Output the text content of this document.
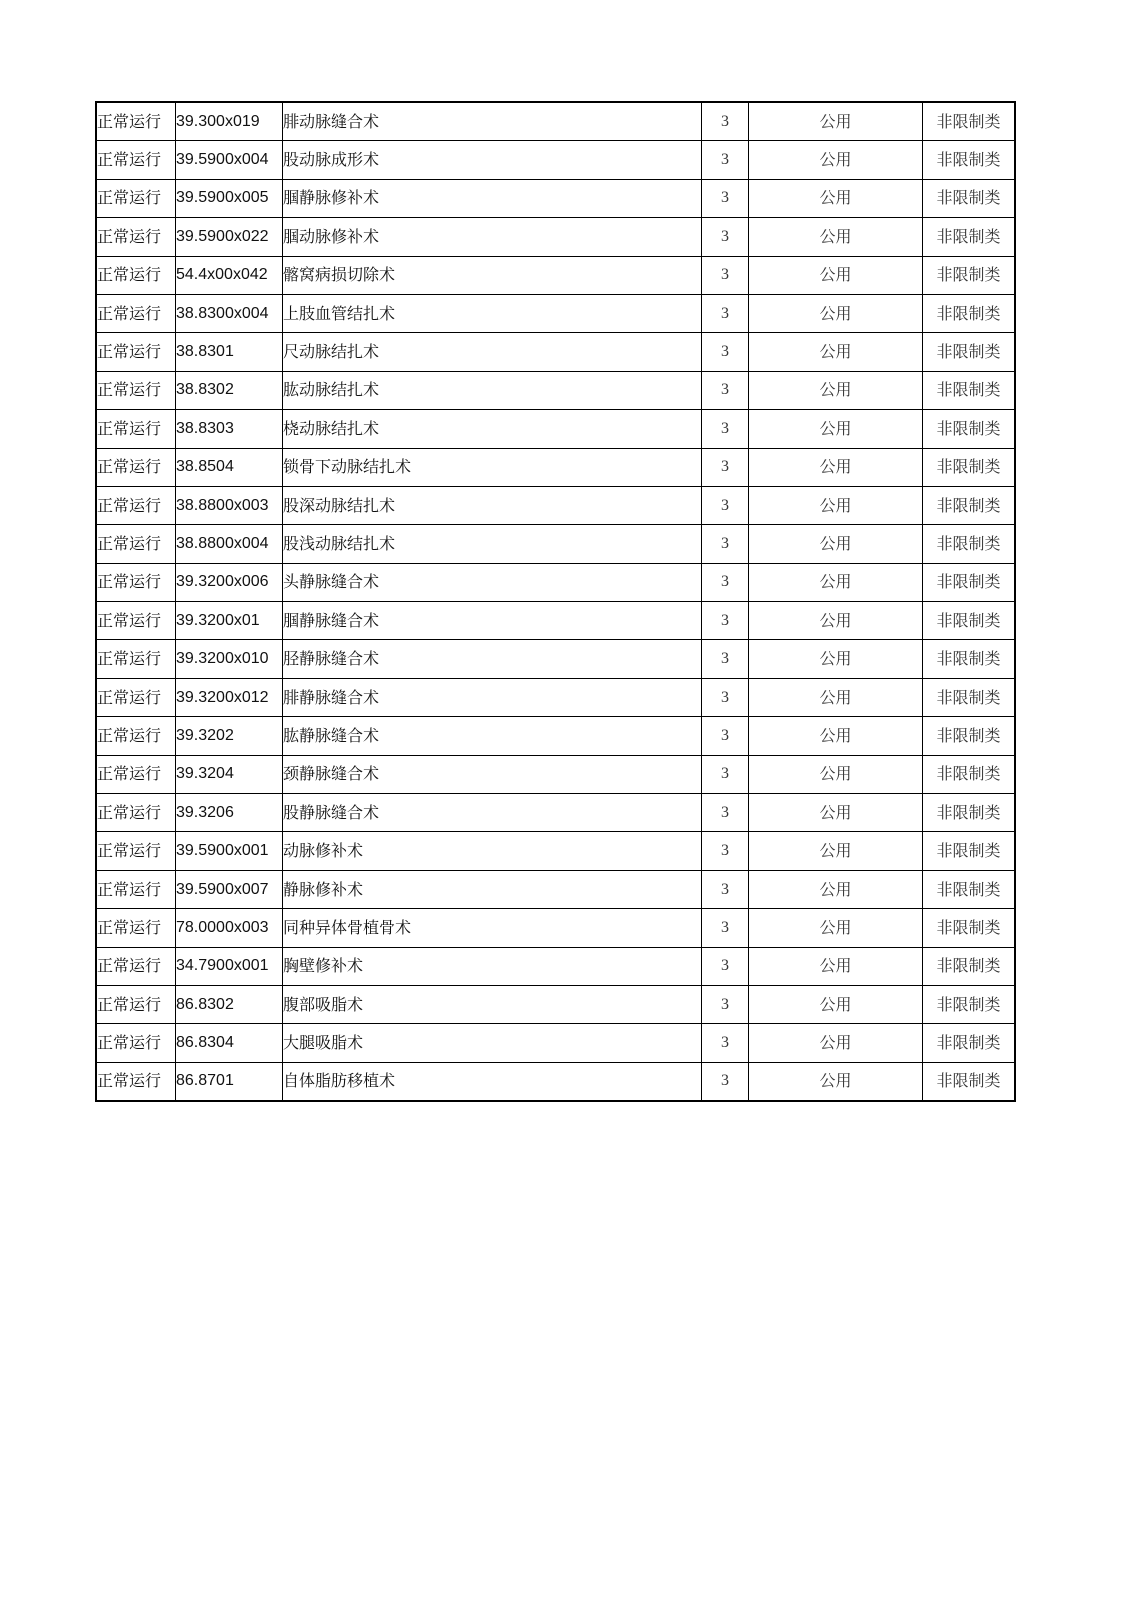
正常运行	39.300x019	腓动脉缝合术	3	公用	非限制类
正常运行	39.5900x004	股动脉成形术	3	公用	非限制类
正常运行	39.5900x005	腘静脉修补术	3	公用	非限制类
正常运行	39.5900x022	腘动脉修补术	3	公用	非限制类
正常运行	54.4x00x042	髂窝病损切除术	3	公用	非限制类
正常运行	38.8300x004	上肢血管结扎术	3	公用	非限制类
正常运行	38.8301	尺动脉结扎术	3	公用	非限制类
正常运行	38.8302	肱动脉结扎术	3	公用	非限制类
正常运行	38.8303	桡动脉结扎术	3	公用	非限制类
正常运行	38.8504	锁骨下动脉结扎术	3	公用	非限制类
正常运行	38.8800x003	股深动脉结扎术	3	公用	非限制类
正常运行	38.8800x004	股浅动脉结扎术	3	公用	非限制类
正常运行	39.3200x006	头静脉缝合术	3	公用	非限制类
正常运行	39.3200x01	腘静脉缝合术	3	公用	非限制类
正常运行	39.3200x010	胫静脉缝合术	3	公用	非限制类
正常运行	39.3200x012	腓静脉缝合术	3	公用	非限制类
正常运行	39.3202	肱静脉缝合术	3	公用	非限制类
正常运行	39.3204	颈静脉缝合术	3	公用	非限制类
正常运行	39.3206	股静脉缝合术	3	公用	非限制类
正常运行	39.5900x001	动脉修补术	3	公用	非限制类
正常运行	39.5900x007	静脉修补术	3	公用	非限制类
正常运行	78.0000x003	同种异体骨植骨术	3	公用	非限制类
正常运行	34.7900x001	胸壁修补术	3	公用	非限制类
正常运行	86.8302	腹部吸脂术	3	公用	非限制类
正常运行	86.8304	大腿吸脂术	3	公用	非限制类
正常运行	86.8701	自体脂肪移植术	3	公用	非限制类
